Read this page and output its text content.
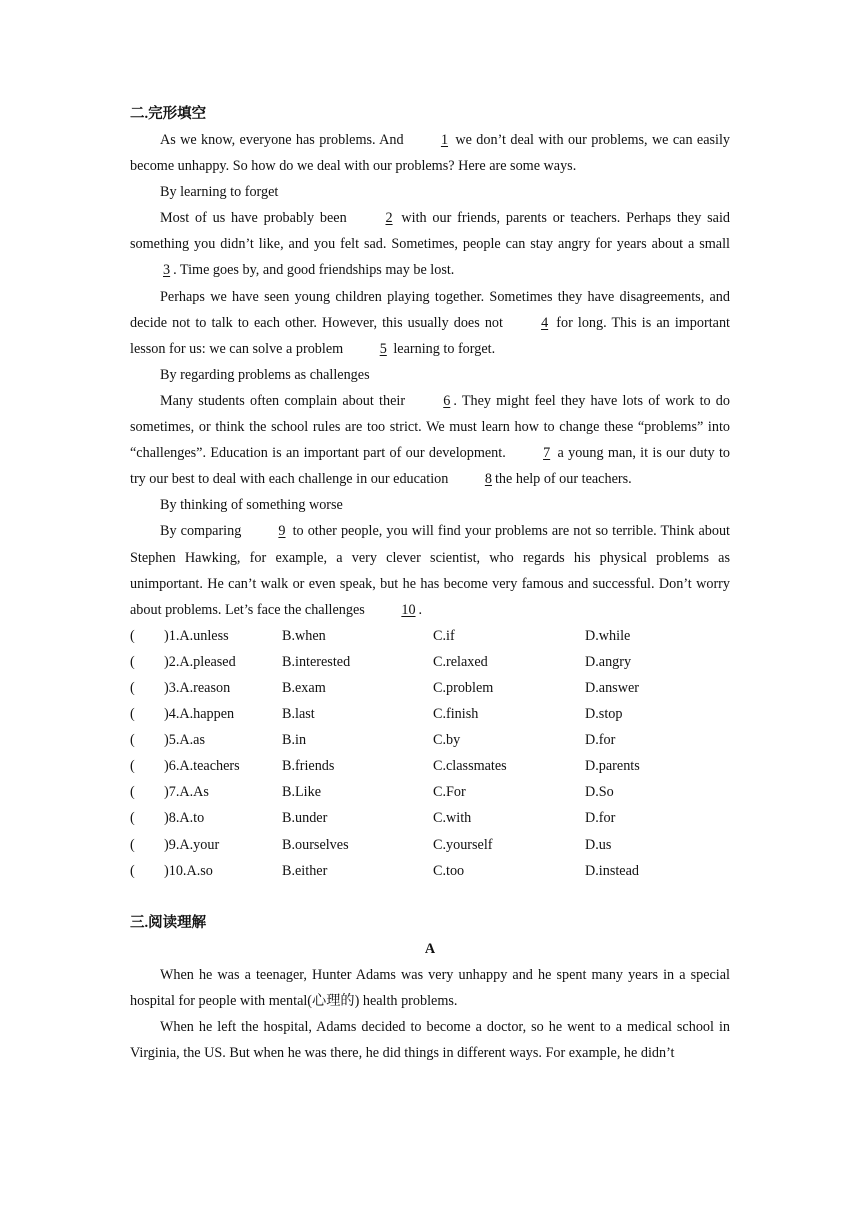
二.完形填空
As we know, everyone has problems. And 1 we don’t deal with our problems, we can easily become unhappy. So how do we deal with our problems? Here are some ways.
By learning to forget
Most of us have probably been 2 with our friends, parents or teachers. Perhaps they said something you didn’t like, and you felt sad. Sometimes, people can stay angry for years about a small 3 . Time goes by, and good friendships may be lost.
Perhaps we have seen young children playing together. Sometimes they have disagreements, and decide not to talk to each other. However, this usually does not 4 for long. This is an important lesson for us: we can solve a problem 5 learning to forget.
By regarding problems as challenges
Many students often complain about their 6 . They might feel they have lots of work to do sometimes, or think the school rules are too strict. We must learn how to change these “problems” into “challenges”. Education is an important part of our development. 7 a young man, it is our duty to try our best to deal with each challenge in our education 8 the help of our teachers.
By thinking of something worse
By comparing 9 to other people, you will find your problems are not so terrible. Think about Stephen Hawking, for example, a very clever scientist, who regards his physical problems as unimportant. He can’t walk or even speak, but he has become very famous and successful. Don’t worry about problems. Let’s face the challenges 10 .
( )1.A.unless	B.when	C.if	D.while
( )2.A.pleased	B.interested	C.relaxed	D.angry
( )3.A.reason	B.exam	C.problem	D.answer
( )4.A.happen	B.last	C.finish	D.stop
( )5.A.as	B.in	C.by	D.for
( )6.A.teachers	B.friends	C.classmates	D.parents
( )7.A.As	B.Like	C.For	D.So
( )8.A.to	B.under	C.with	D.for
( )9.A.your	B.ourselves	C.yourself	D.us
( )10.A.so	B.either	C.too	D.instead
三.阅读理解
A
When he was a teenager, Hunter Adams was very unhappy and he spent many years in a special hospital for people with mental(心理的) health problems.
When he left the hospital, Adams decided to become a doctor, so he went to a medical school in Virginia, the US. But when he was there, he did things in different ways. For example, he didn’t
